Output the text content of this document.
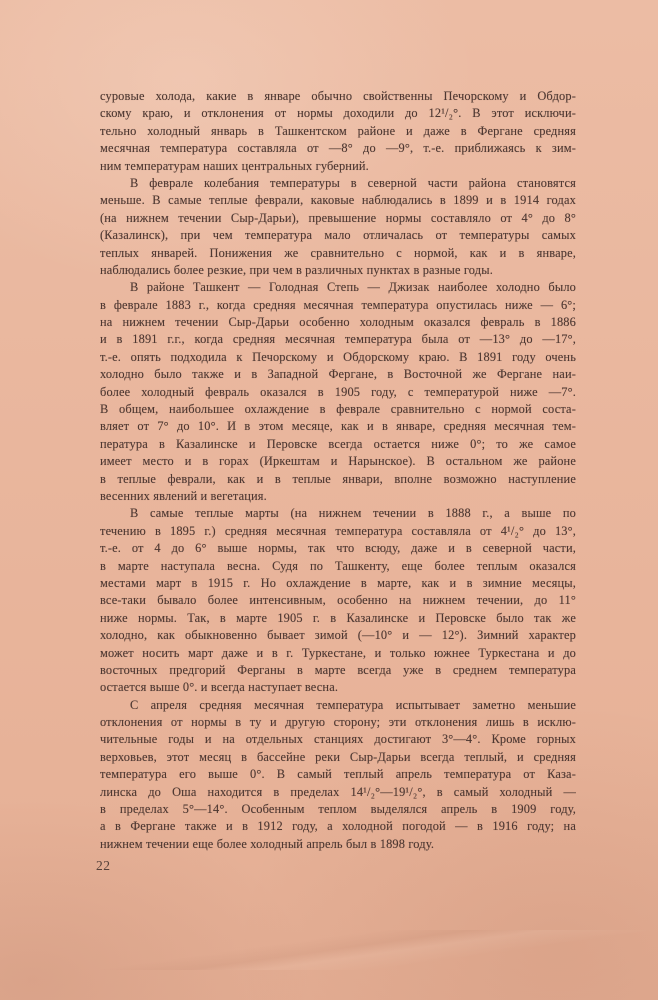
суровые холода, какие в январе обычно свойственны Печорскому и Обдор-
скому краю, и отклонения от нормы доходили до 12¹/₂°. В этот исключи-
тельно холодный январь в Ташкентском районе и даже в Фергане средняя
месячная температура составляла от —8° до —9°, т.-е. приближаясь к зим-
ним температурам наших центральных губерний.
В феврале колебания температуры в северной части района становятся
меньше. В самые теплые феврали, каковые наблюдались в 1899 и в 1914 годах
(на нижнем течении Сыр-Дарьи), превышение нормы составляло от 4° до 8°
(Казалинск), при чем температура мало отличалась от температуры самых
теплых январей. Понижения же сравнительно с нормой, как и в январе,
наблюдались более резкие, при чем в различных пунктах в разные годы.
В районе Ташкент — Голодная Степь — Джизак наиболее холодно было
в феврале 1883 г., когда средняя месячная температура опустилась ниже — 6°;
на нижнем течении Сыр-Дарьи особенно холодным оказался февраль в 1886
и в 1891 г.г., когда средняя месячная температура была от —13° до —17°,
т.-е. опять подходила к Печорскому и Обдорскому краю. В 1891 году очень
холодно было также и в Западной Фергане, в Восточной же Фергане наи-
более холодный февраль оказался в 1905 году, с температурой ниже —7°.
В общем, наибольшее охлаждение в феврале сравнительно с нормой соста-
вляет от 7° до 10°. И в этом месяце, как и в январе, средняя месячная тем-
пература в Казалинске и Перовске всегда остается ниже 0°; то же самое
имеет место и в горах (Иркештам и Нарынское). В остальном же районе
в теплые феврали, как и в теплые январи, вполне возможно наступление
весенних явлений и вегетация.
В самые теплые марты (на нижнем течении в 1888 г., а выше по
течению в 1895 г.) средняя месячная температура составляла от 4¹/₂° до 13°,
т.-е. от 4 до 6° выше нормы, так что всюду, даже и в северной части,
в марте наступала весна. Судя по Ташкенту, еще более теплым оказался
местами март в 1915 г. Но охлаждение в марте, как и в зимние месяцы,
все-таки бывало более интенсивным, особенно на нижнем течении, до 11°
ниже нормы. Так, в марте 1905 г. в Казалинске и Перовске было так же
холодно, как обыкновенно бывает зимой (—10° и — 12°). Зимний характер
может носить март даже и в г. Туркестане, и только южнее Туркестана и до
восточных предгорий Ферганы в марте всегда уже в среднем температура
остается выше 0°. и всегда наступает весна.
С апреля средняя месячная температура испытывает заметно меньшие
отклонения от нормы в ту и другую сторону; эти отклонения лишь в исклю-
чительные годы и на отдельных станциях достигают 3°—4°. Кроме горных
верховьев, этот месяц в бассейне реки Сыр-Дарьи всегда теплый, и средняя
температура его выше 0°. В самый теплый апрель температура от Каза-
линска до Оша находится в пределах 14¹/₂°—19¹/₂°, в самый холодный —
в пределах 5°—14°. Особенным теплом выделялся апрель в 1909 году,
а в Фергане также и в 1912 году, а холодной погодой — в 1916 году; на
нижнем течении еще более холодный апрель был в 1898 году.
22
